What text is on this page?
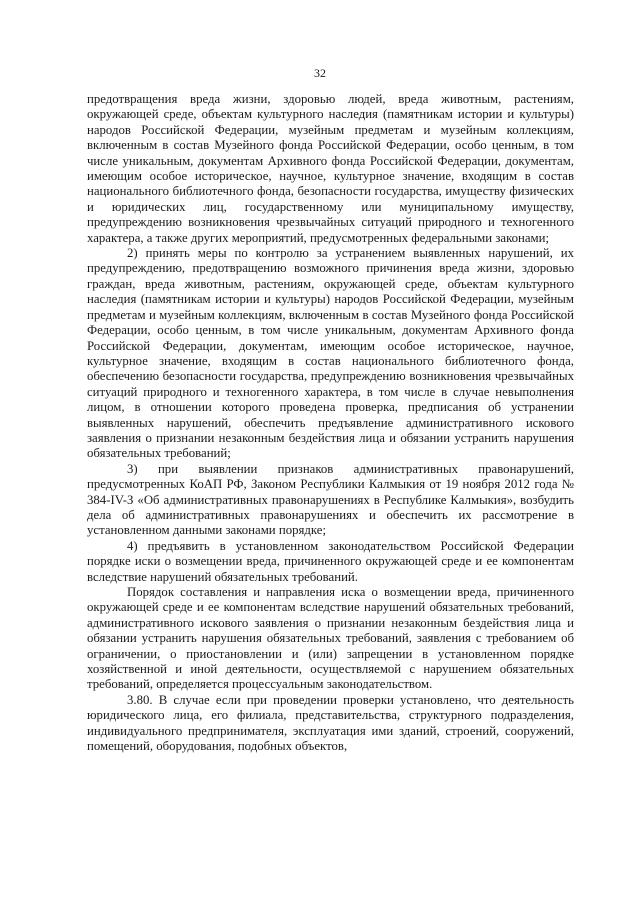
32

предотвращения вреда жизни, здоровью людей, вреда животным, растениям, окружающей среде, объектам культурного наследия (памятникам истории и культуры) народов Российской Федерации, музейным предметам и музейным коллекциям, включенным в состав Музейного фонда Российской Федерации, особо ценным, в том числе уникальным, документам Архивного фонда Российской Федерации, документам, имеющим особое историческое, научное, культурное значение, входящим в состав национального библиотечного фонда, безопасности государства, имуществу физических и юридических лиц, государственному или муниципальному имуществу, предупреждению возникновения чрезвычайных ситуаций природного и техногенного характера, а также других мероприятий, предусмотренных федеральными законами;

2) принять меры по контролю за устранением выявленных нарушений, их предупреждению, предотвращению возможного причинения вреда жизни, здоровью граждан, вреда животным, растениям, окружающей среде, объектам культурного наследия (памятникам истории и культуры) народов Российской Федерации, музейным предметам и музейным коллекциям, включенным в состав Музейного фонда Российской Федерации, особо ценным, в том числе уникальным, документам Архивного фонда Российской Федерации, документам, имеющим особое историческое, научное, культурное значение, входящим в состав национального библиотечного фонда, обеспечению безопасности государства, предупреждению возникновения чрезвычайных ситуаций природного и техногенного характера, в том числе в случае невыполнения лицом, в отношении которого проведена проверка, предписания об устранении выявленных нарушений, обеспечить предъявление административного искового заявления о признании незаконным бездействия лица и обязании устранить нарушения обязательных требований;

3) при выявлении признаков административных правонарушений, предусмотренных КоАП РФ, Законом Республики Калмыкия от 19 ноября 2012 года № 384-IV-З «Об административных правонарушениях в Республике Калмыкия», возбудить дела об административных правонарушениях и обеспечить их рассмотрение в установленном данными законами порядке;

4) предъявить в установленном законодательством Российской Федерации порядке иски о возмещении вреда, причиненного окружающей среде и ее компонентам вследствие нарушений обязательных требований.

Порядок составления и направления иска о возмещении вреда, причиненного окружающей среде и ее компонентам вследствие нарушений обязательных требований, административного искового заявления о признании незаконным бездействия лица и обязании устранить нарушения обязательных требований, заявления с требованием об ограничении, о приостановлении и (или) запрещении в установленном порядке хозяйственной и иной деятельности, осуществляемой с нарушением обязательных требований, определяется процессуальным законодательством.

3.80. В случае если при проведении проверки установлено, что деятельность юридического лица, его филиала, представительства, структурного подразделения, индивидуального предпринимателя, эксплуатация ими зданий, строений, сооружений, помещений, оборудования, подобных объектов,
